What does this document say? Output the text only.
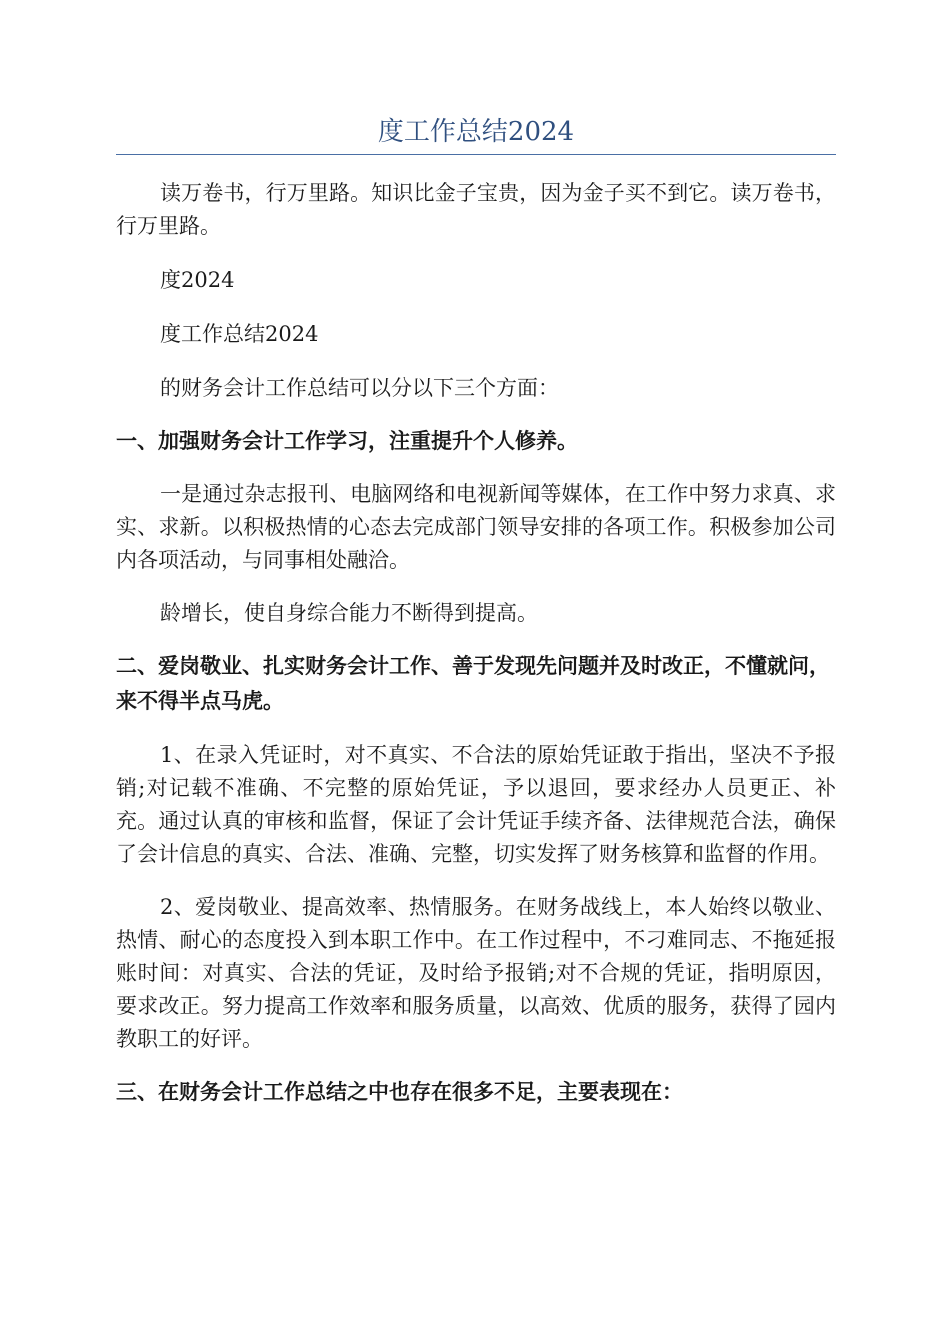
度工作总结2024

读万卷书，行万里路。知识比金子宝贵，因为金子买不到它。读万卷书，行万里路。

度2024

度工作总结2024

的财务会计工作总结可以分以下三个方面：

一、加强财务会计工作学习，注重提升个人修养。

一是通过杂志报刊、电脑网络和电视新闻等媒体，在工作中努力求真、求实、求新。以积极热情的心态去完成部门领导安排的各项工作。积极参加公司内各项活动，与同事相处融洽。

龄增长，使自身综合能力不断得到提高。

二、爱岗敬业、扎实财务会计工作、善于发现先问题并及时改正，不懂就问，来不得半点马虎。

1、在录入凭证时，对不真实、不合法的原始凭证敢于指出，坚决不予报销;对记载不准确、不完整的原始凭证，予以退回，要求经办人员更正、补充。通过认真的审核和监督，保证了会计凭证手续齐备、法律规范合法，确保了会计信息的真实、合法、准确、完整，切实发挥了财务核算和监督的作用。

2、爱岗敬业、提高效率、热情服务。在财务战线上，本人始终以敬业、热情、耐心的态度投入到本职工作中。在工作过程中，不刁难同志、不拖延报账时间：对真实、合法的凭证，及时给予报销;对不合规的凭证，指明原因，要求改正。努力提高工作效率和服务质量，以高效、优质的服务，获得了园内教职工的好评。

三、在财务会计工作总结之中也存在很多不足，主要表现在：
